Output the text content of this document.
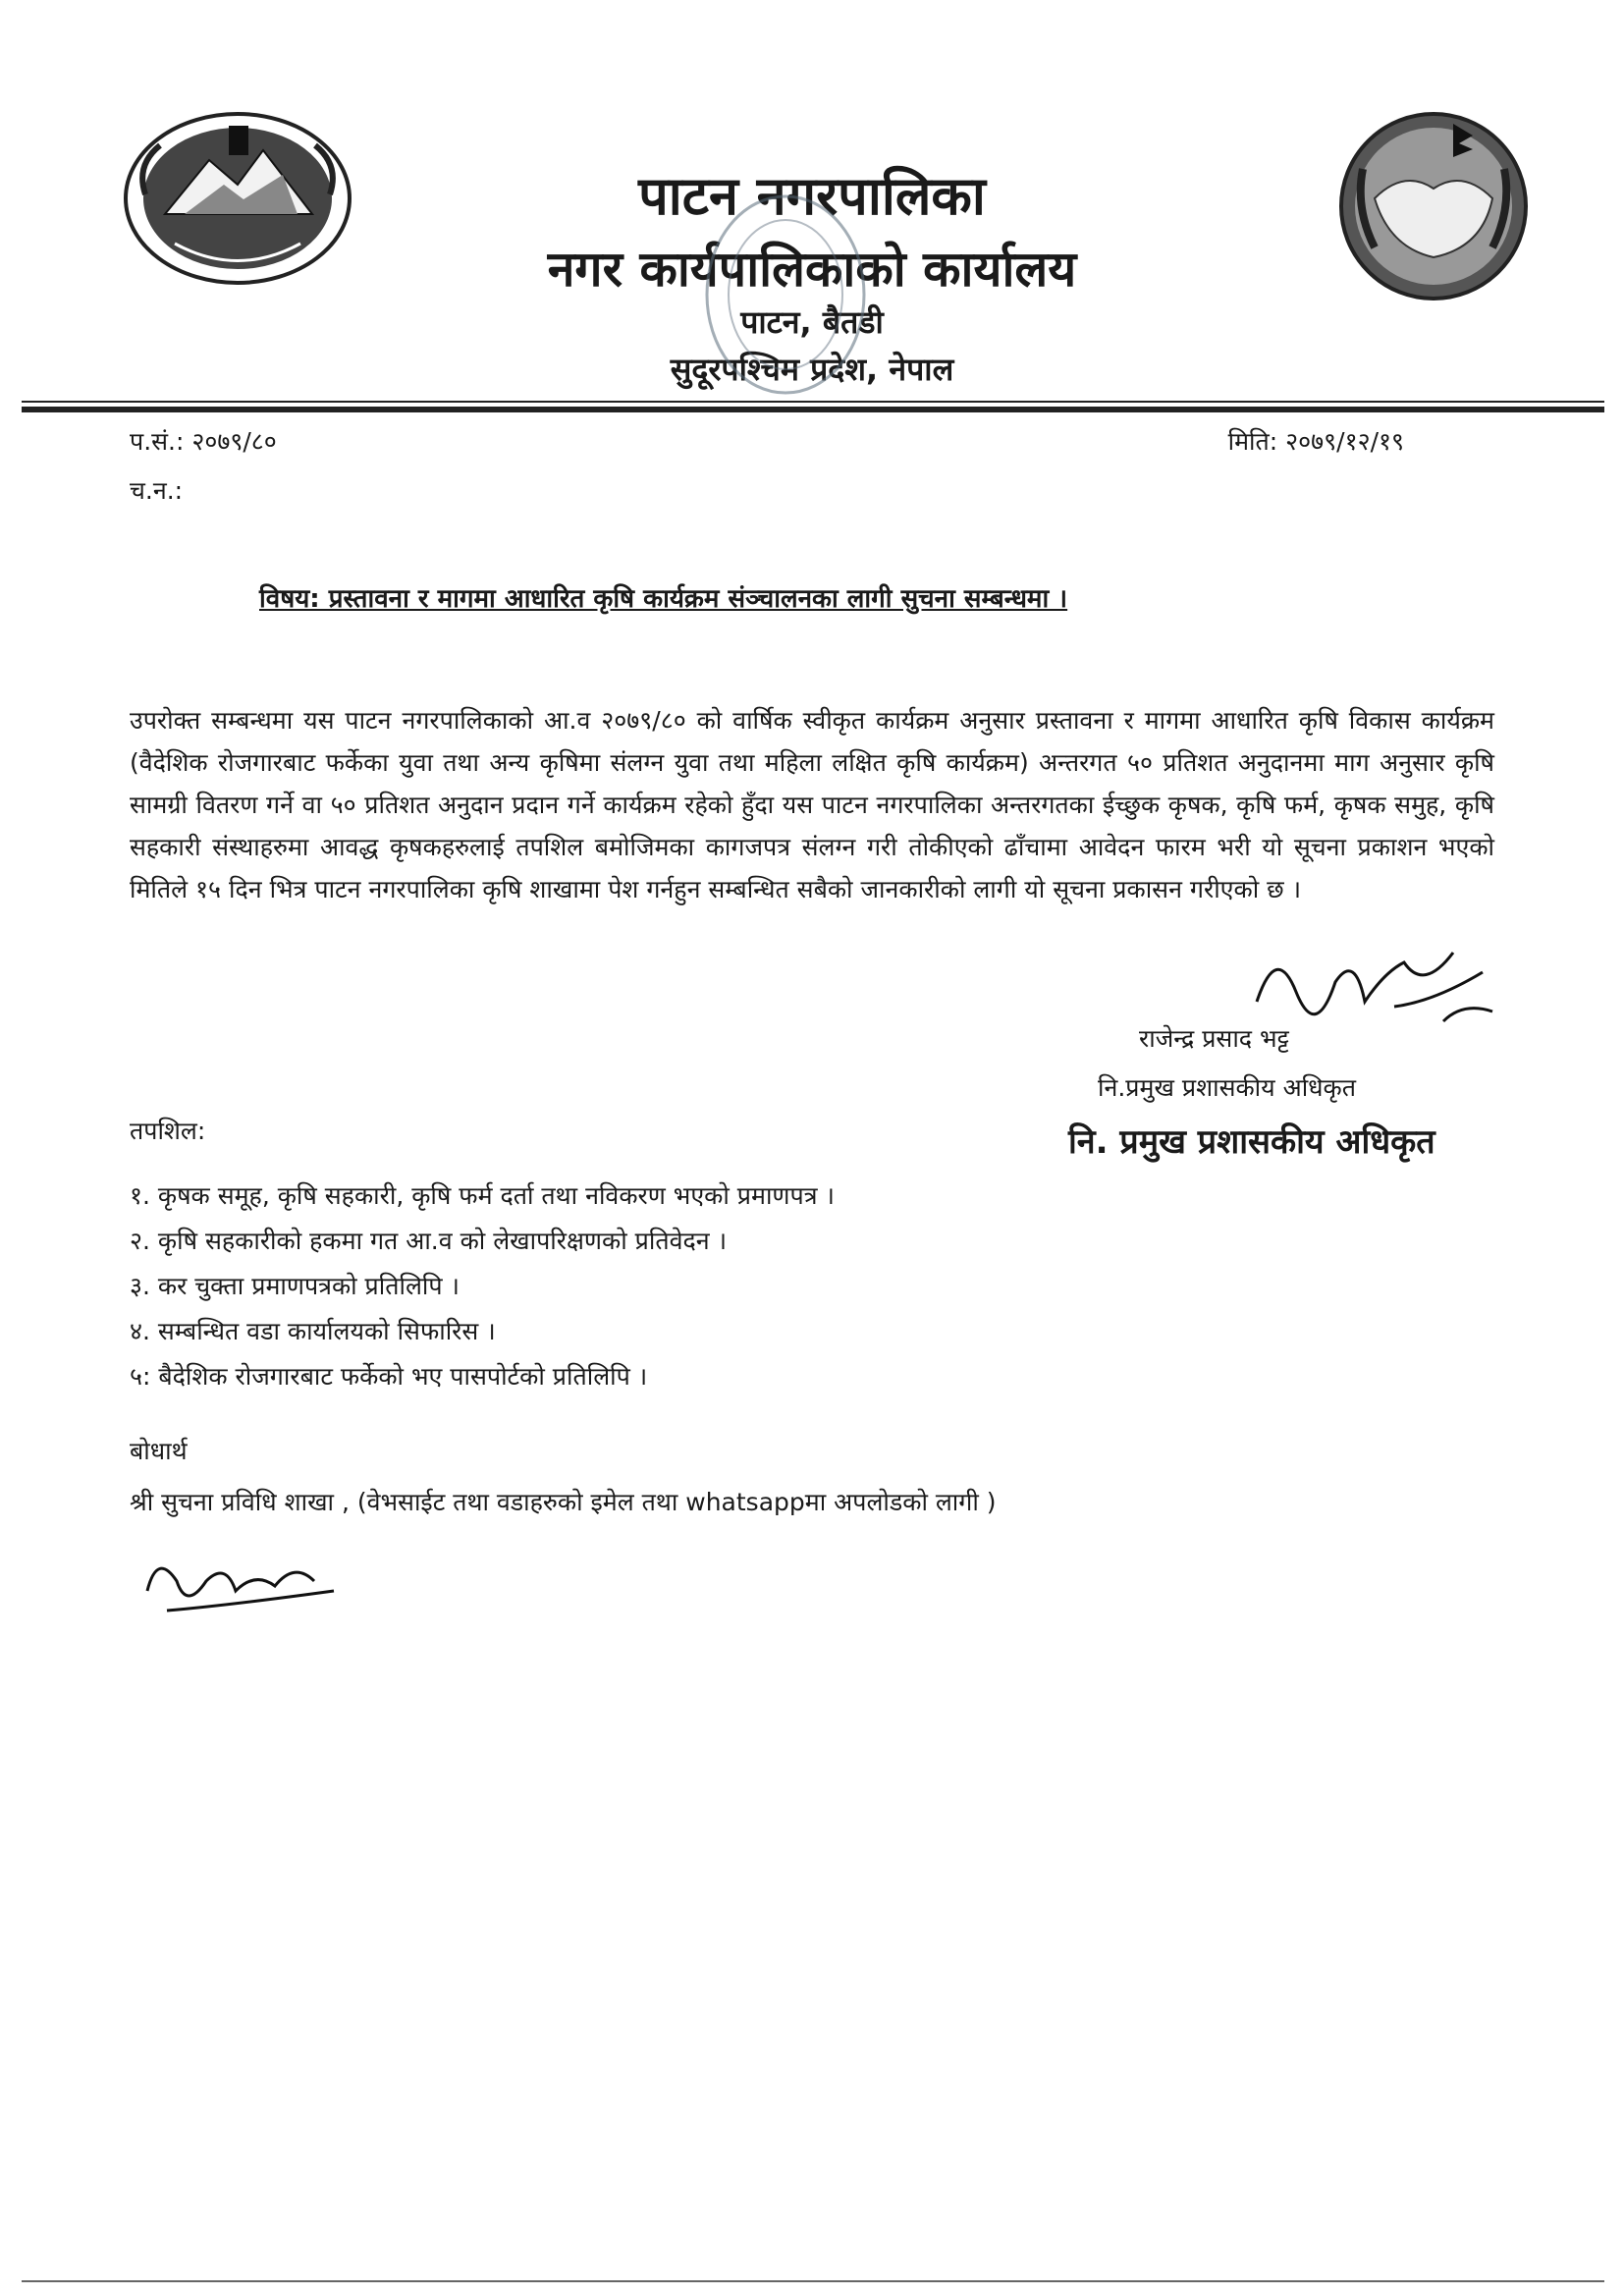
पाटन नगरपालिका
नगर कार्यपालिकाको कार्यालय
पाटन, बैतडी
सुदूरपश्चिम प्रदेश, नेपाल
प.सं.: २०७९/८०
च.न.:
मिति: २०७९/१२/१९
विषय: प्रस्तावना र मागमा आधारित कृषि कार्यक्रम संञ्चालनका लागी सुचना सम्बन्धमा ।
उपरोक्त सम्बन्धमा यस पाटन नगरपालिकाको आ.व २०७९/८० को वार्षिक स्वीकृत कार्यक्रम अनुसार प्रस्तावना र मागमा आधारित कृषि विकास कार्यक्रम (वैदेशिक रोजगारबाट फर्केका युवा तथा अन्य कृषिमा संलग्न युवा तथा महिला लक्षित कृषि कार्यक्रम) अन्तरगत ५० प्रतिशत अनुदानमा माग अनुसार कृषि सामग्री वितरण गर्ने वा ५० प्रतिशत अनुदान प्रदान गर्ने कार्यक्रम रहेको हुँदा यस पाटन नगरपालिका अन्तरगतका ईच्छुक कृषक, कृषि फर्म, कृषक समुह, कृषि सहकारी संस्थाहरुमा आवद्ध कृषकहरुलाई तपशिल बमोजिमका कागजपत्र संलग्न गरी तोकीएको ढाँचामा आवेदन फारम भरी यो सूचना प्रकाशन भएको मितिले १५ दिन भित्र पाटन नगरपालिका कृषि शाखामा पेश गर्नहुन सम्बन्धित सबैको जानकारीको लागी यो सूचना प्रकासन गरीएको छ ।
राजेन्द्र प्रसाद भट्ट
नि.प्रमुख प्रशासकीय अधिकृत
नि. प्रमुख प्रशासकीय अधिकृत
तपशिल:
१. कृषक समूह, कृषि सहकारी, कृषि फर्म दर्ता तथा नविकरण भएको प्रमाणपत्र ।
२. कृषि सहकारीको हकमा गत आ.व को लेखापरिक्षणको प्रतिवेदन ।
३. कर चुक्ता प्रमाणपत्रको प्रतिलिपि ।
४. सम्बन्धित वडा कार्यालयको सिफारिस ।
५: बैदेशिक रोजगारबाट फर्केको भए पासपोर्टको प्रतिलिपि ।
बोधार्थ
श्री सुचना प्रविधि शाखा , (वेभसाईट तथा वडाहरुको इमेल तथा whatsappमा अपलोडको लागी )
